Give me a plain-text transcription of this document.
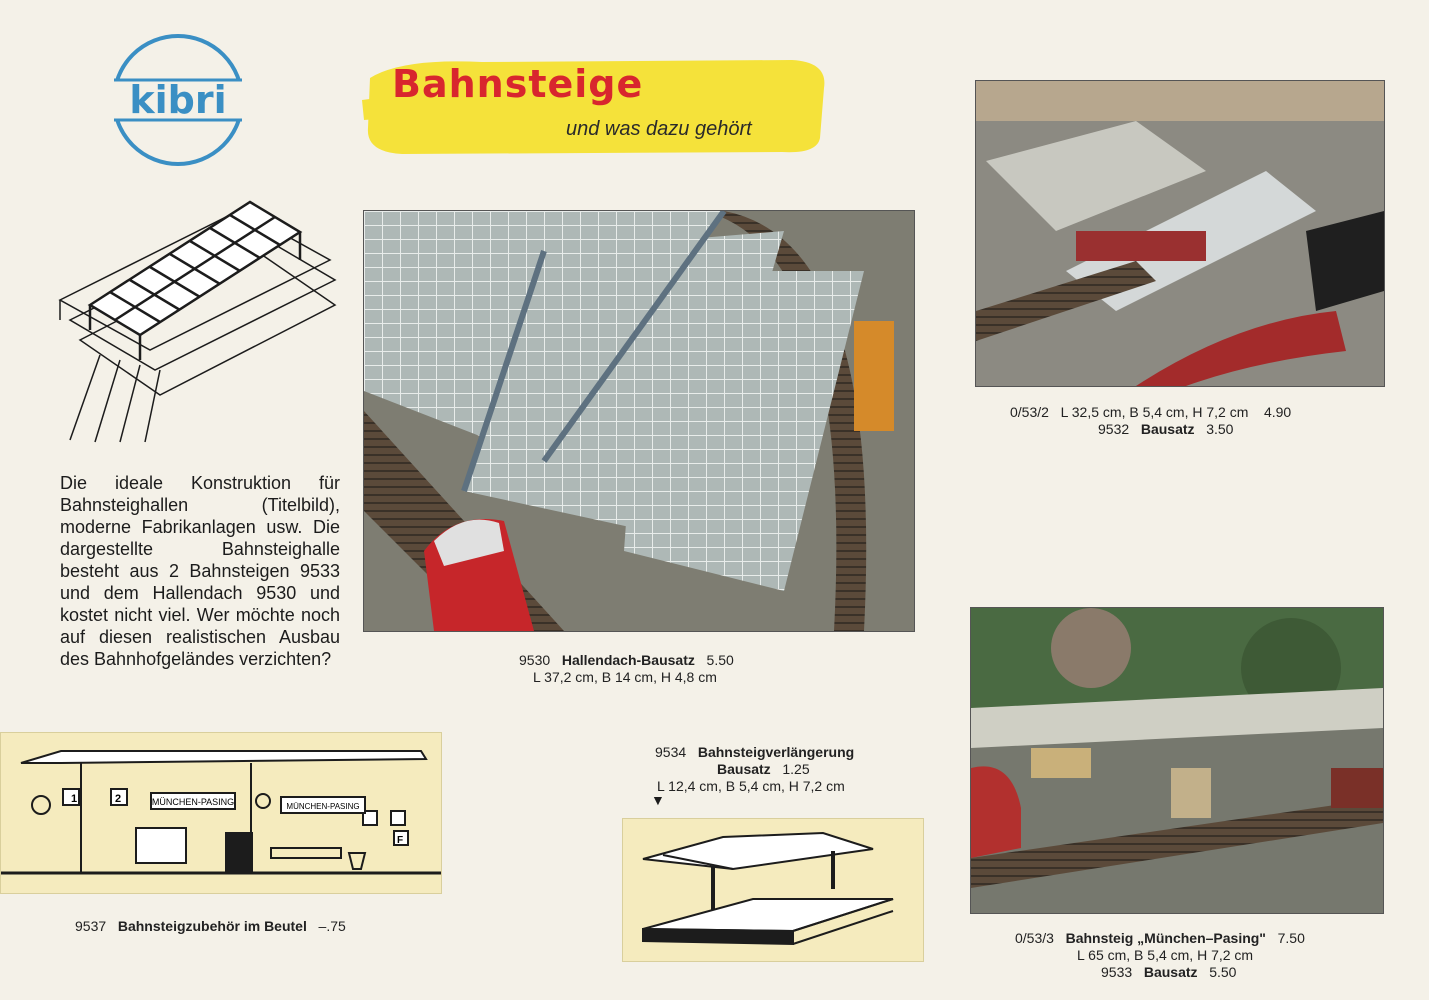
kibri	Bahnsteige
und was dazu gehört
Die ideale Konstruktion für Bahnsteighallen (Titelbild), moderne Fabrikanlagen usw. Die dargestellte Bahnsteighalle besteht aus 2 Bahnsteigen 9533 und dem Hallendach 9530 und kostet nicht viel. Wer möchte noch auf diesen realistischen Ausbau des Bahnhofgeländes verzichten?	9530 Hallendach-Bausatz 5.50
L 37,2 cm, B 14 cm, H 4,8 cm
0/53/2 L 32,5 cm, B 5,4 cm, H 7,2 cm 4.90
9532 Bausatz 3.50
0/53/3 Bahnsteig „München–Pasing" 7.50
L 65 cm, B 5,4 cm, H 7,2 cm
9533 Bausatz 5.50
1	2	MÜNCHEN-PASING	MÜNCHEN-PASING
F
9537 Bahnsteigzubehör im Beutel –.75
9534 Bahnsteigverlängerung
Bausatz 1.25
L 12,4 cm, B 5,4 cm, H 7,2 cm
▼
